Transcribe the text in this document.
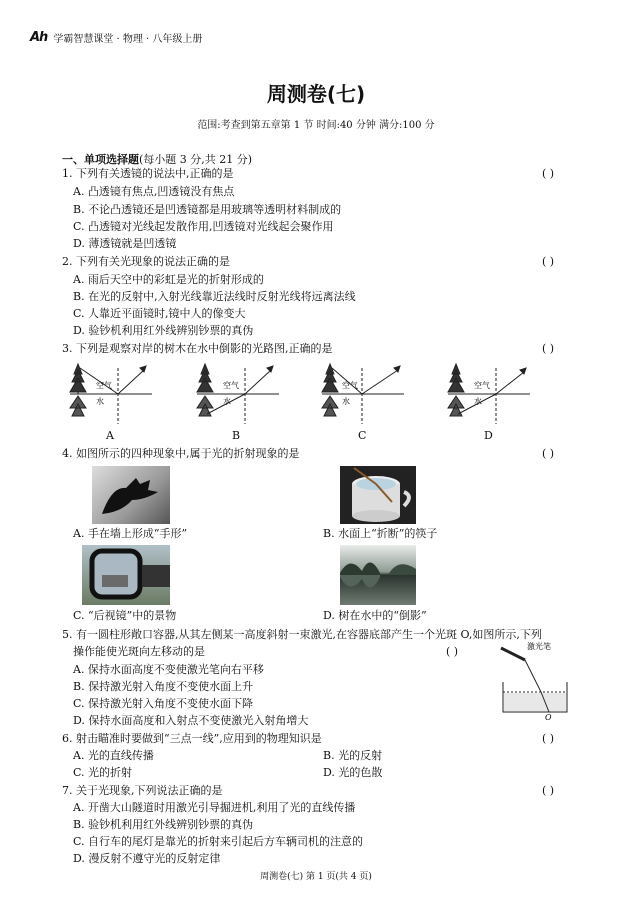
Ah 学霸智慧课堂 · 物理 · 八年级上册
周测卷(七)
范围:考查到第五章第 1 节 时间:40 分钟 满分:100 分
一、单项选择题(每小题 3 分,共 21 分)
1. 下列有关透镜的说法中,正确的是	( )
A. 凸透镜有焦点,凹透镜没有焦点
B. 不论凸透镜还是凹透镜都是用玻璃等透明材料制成的
C. 凸透镜对光线起发散作用,凹透镜对光线起会聚作用
D. 薄透镜就是凹透镜
2. 下列有关光现象的说法正确的是	( )
A. 雨后天空中的彩虹是光的折射形成的
B. 在光的反射中,入射光线靠近法线时反射光线将远离法线
C. 人靠近平面镜时,镜中人的像变大
D. 验钞机利用红外线辨别钞票的真伪
3. 下列是观察对岸的树木在水中倒影的光路图,正确的是	( )
空气
水
空气
水
空气
水
空气
水
A	B	C	D
4. 如图所示的四种现象中,属于光的折射现象的是	( )
A. 手在墙上形成“手形”	B. 水面上“折断”的筷子
C. “后视镜”中的景物	D. 树在水中的“倒影”
5. 有一圆柱形敞口容器,从其左侧某一高度斜射一束激光,在容器底部产生一个光斑 O,如图所示,下列
操作能使光斑向左移动的是	( )
A. 保持水面高度不变使激光笔向右平移
B. 保持激光射入角度不变使水面上升
C. 保持激光射入角度不变使水面下降
D. 保持水面高度和入射点不变使激光入射角增大
激光笔
O
6. 射击瞄准时要做到“三点一线”,应用到的物理知识是	( )
A. 光的直线传播	B. 光的反射
C. 光的折射	D. 光的色散
7. 关于光现象,下列说法正确的是	( )
A. 开凿大山隧道时用激光引导掘进机,利用了光的直线传播
B. 验钞机利用红外线辨别钞票的真伪
C. 自行车的尾灯是靠光的折射来引起后方车辆司机的注意的
D. 漫反射不遵守光的反射定律
周测卷(七) 第 1 页(共 4 页)
